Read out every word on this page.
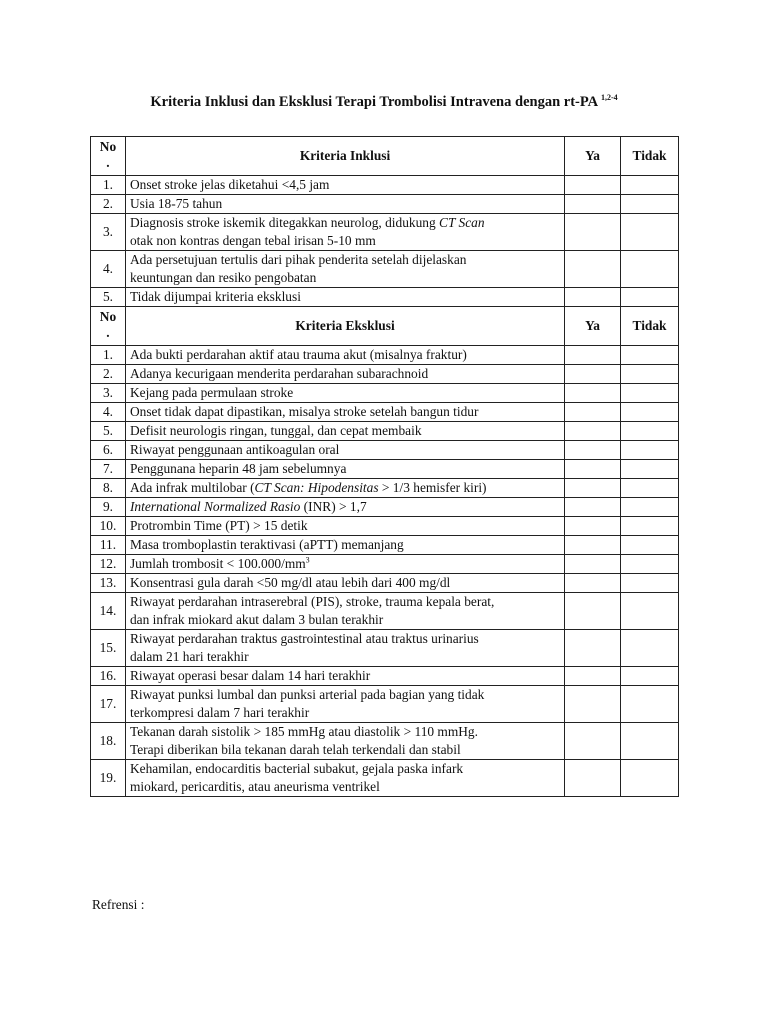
Kriteria Inklusi dan Eksklusi Terapi Trombolisi Intravena dengan rt-PA $^{1,2-4}$
No
.	Kriteria Inklusi	Ya	Tidak
1.	Onset stroke jelas diketahui <4,5 jam		
2.	Usia 18-75 tahun		
3.	Diagnosis stroke iskemik ditegakkan neurolog, didukung CT Scan
otak non kontras dengan tebal irisan 5-10 mm		
4.	Ada persetujuan tertulis dari pihak penderita setelah dijelaskan
keuntungan dan resiko pengobatan		
5.	Tidak dijumpai kriteria eksklusi		
No
.	Kriteria Eksklusi	Ya	Tidak
1.	Ada bukti perdarahan aktif atau trauma akut (misalnya fraktur)		
2.	Adanya kecurigaan menderita perdarahan subarachnoid		
3.	Kejang pada permulaan stroke		
4.	Onset tidak dapat dipastikan, misalya stroke setelah bangun tidur		
5.	Defisit neurologis ringan, tunggal, dan cepat membaik		
6.	Riwayat penggunaan antikoagulan oral		
7.	Penggunana heparin 48 jam sebelumnya		
8.	Ada infrak multilobar (CT Scan: Hipodensitas > 1/3 hemisfer kiri)		
9.	International Normalized Rasio (INR) > 1,7		
10.	Protrombin Time (PT) > 15 detik		
11.	Masa tromboplastin teraktivasi (aPTT) memanjang		
12.	Jumlah trombosit < $100.000/mm^3$		
13.	Konsentrasi gula darah <50 mg/dl atau lebih dari 400 mg/dl		
14.	Riwayat perdarahan intraserebral (PIS), stroke, trauma kepala berat,
dan infrak miokard akut dalam 3 bulan terakhir		
15.	Riwayat perdarahan traktus gastrointestinal atau traktus urinarius
dalam 21 hari terakhir		
16.	Riwayat operasi besar dalam 14 hari terakhir		
17.	Riwayat punksi lumbal dan punksi arterial pada bagian yang tidak
terkompresi dalam 7 hari terakhir		
18.	Tekanan darah sistolik > 185 mmHg atau diastolik > 110 mmHg.
Terapi diberikan bila tekanan darah telah terkendali dan stabil		
19.	Kehamilan, endocarditis bacterial subakut, gejala paska infark
miokard, pericarditis, atau aneurisma ventrikel		
Refrensi :
